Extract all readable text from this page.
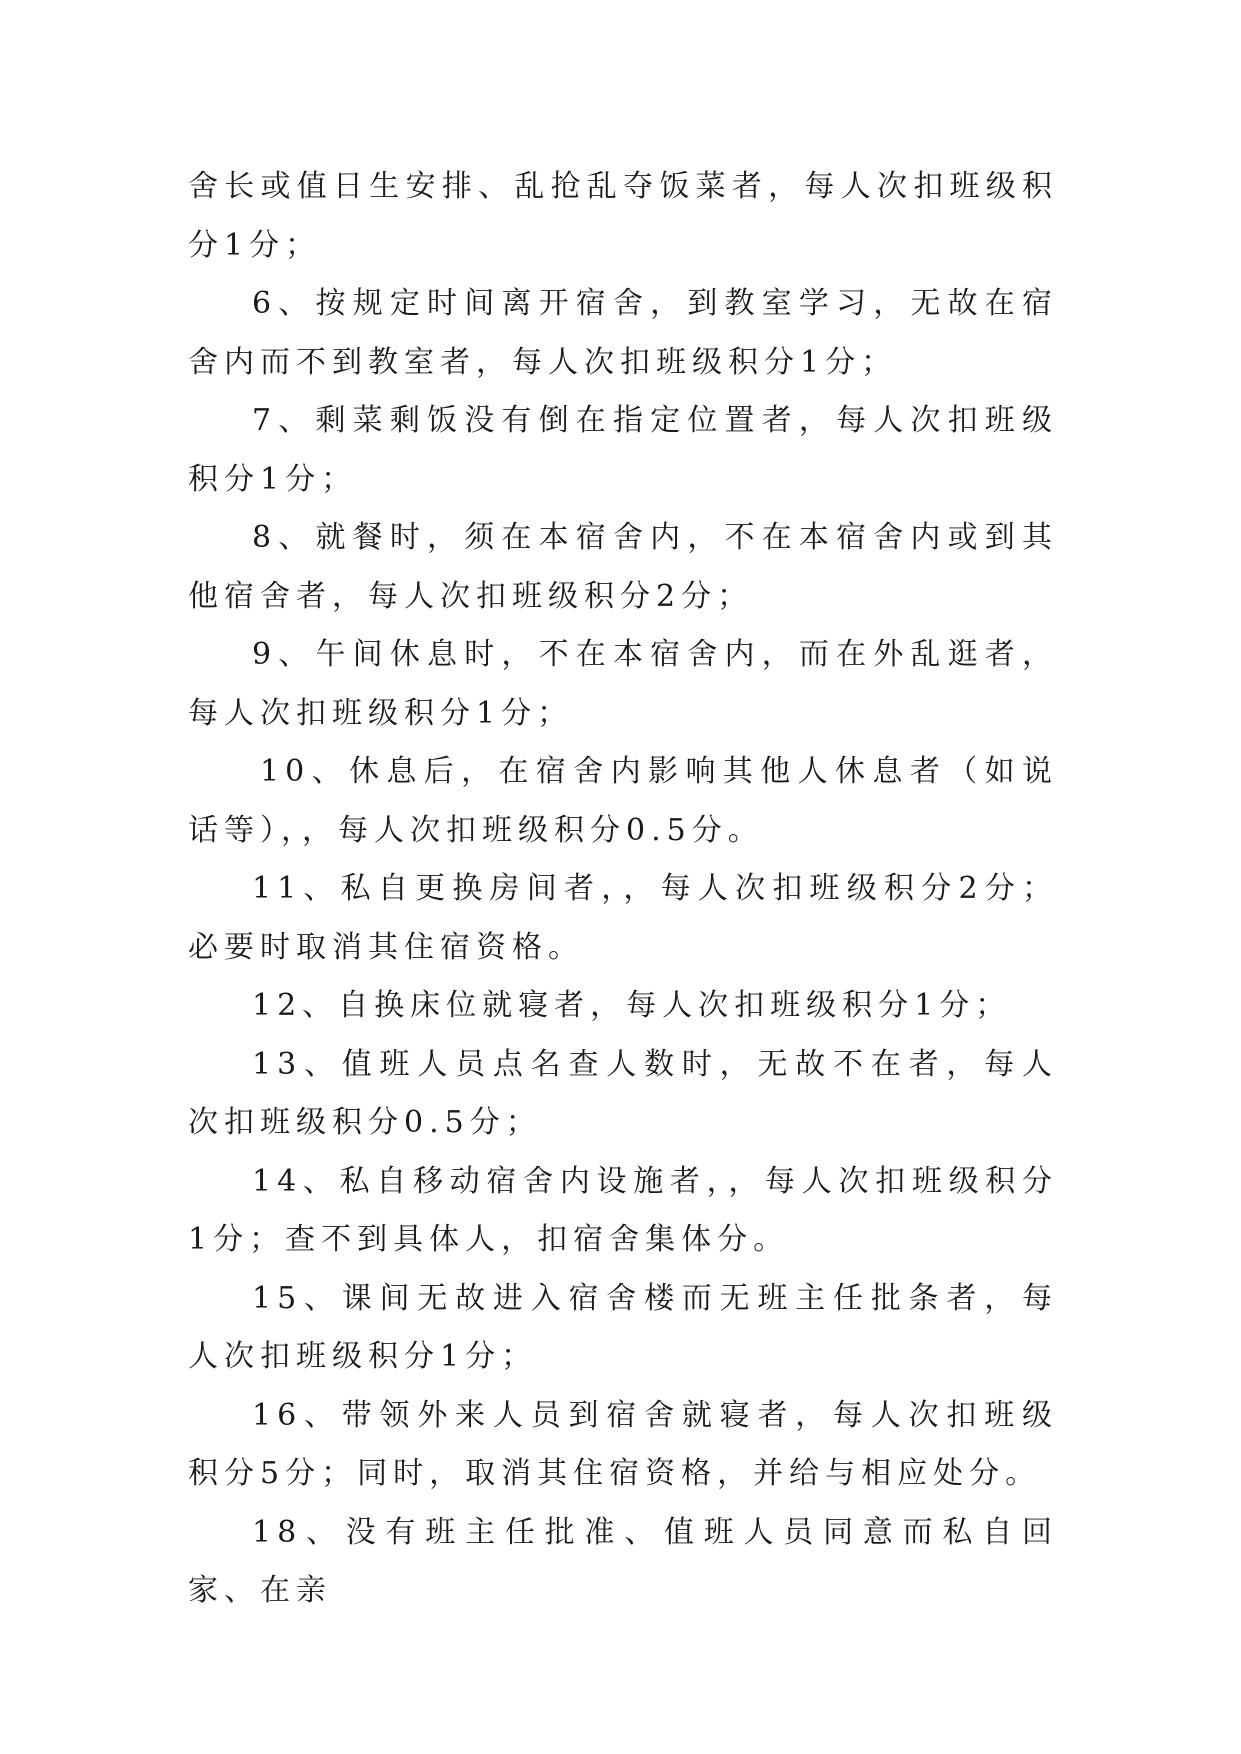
舍长或值日生安排、乱抢乱夺饭菜者，每人次扣班级积分1分；

6、按规定时间离开宿舍，到教室学习，无故在宿舍内而不到教室者，每人次扣班级积分1分；

7、剩菜剩饭没有倒在指定位置者，每人次扣班级积分1分；

8、就餐时，须在本宿舍内，不在本宿舍内或到其他宿舍者，每人次扣班级积分2分；

9、午间休息时，不在本宿舍内，而在外乱逛者，每人次扣班级积分1分；

10、休息后，在宿舍内影响其他人休息者（如说话等），，每人次扣班级积分0.5分。

11、私自更换房间者，，每人次扣班级积分2分；必要时取消其住宿资格。

12、自换床位就寝者，每人次扣班级积分1分；

13、值班人员点名查人数时，无故不在者，每人次扣班级积分0.5分；

14、私自移动宿舍内设施者，，每人次扣班级积分1分；查不到具体人，扣宿舍集体分。

15、课间无故进入宿舍楼而无班主任批条者，每人次扣班级积分1分；

16、带领外来人员到宿舍就寝者，每人次扣班级积分5分；同时，取消其住宿资格，并给与相应处分。

18、没有班主任批准、值班人员同意而私自回家、在亲
